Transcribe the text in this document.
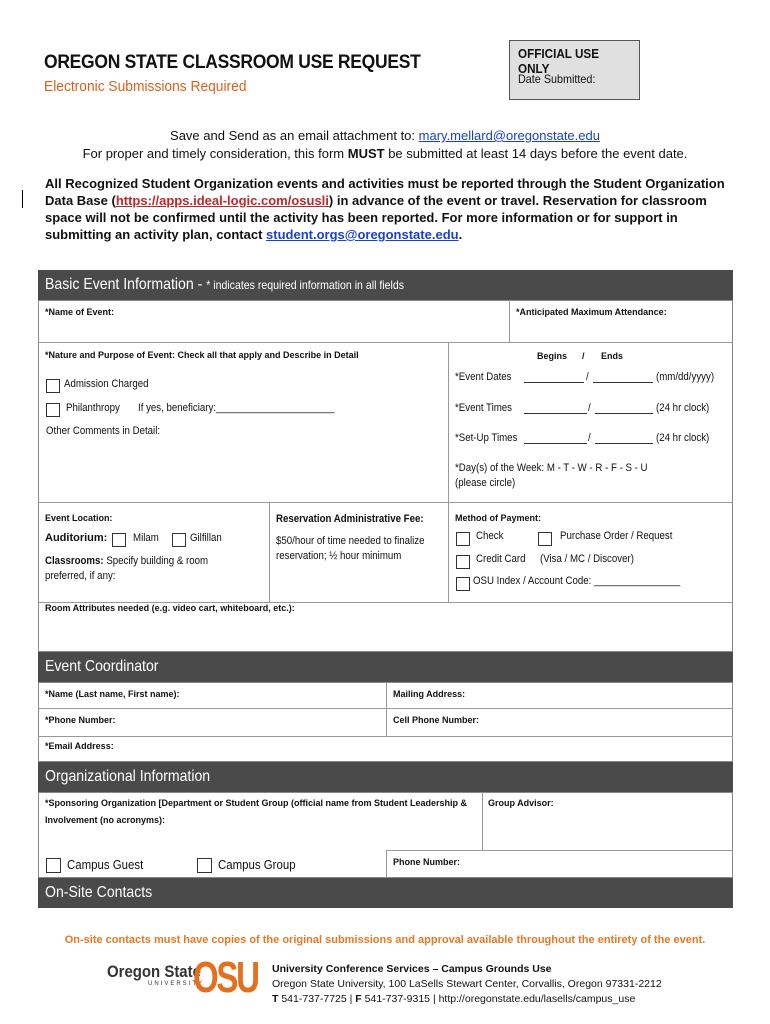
OREGON STATE CLASSROOM USE REQUEST
Electronic Submissions Required
OFFICIAL USE ONLY
Date Submitted:
Save and Send as an email attachment to: mary.mellard@oregonstate.edu
For proper and timely consideration, this form MUST be submitted at least 14 days before the event date.
All Recognized Student Organization events and activities must be reported through the Student Organization Data Base (https://apps.ideal-logic.com/osusli) in advance of the event or travel. Reservation for classroom space will not be confirmed until the activity has been reported. For more information or for support in submitting an activity plan, contact student.orgs@oregonstate.edu.
Basic Event Information - * indicates required information in all fields
*Name of Event:	*Anticipated Maximum Attendance:
*Nature and Purpose of Event: Check all that apply and Describe in Detail	Begins / Ends
Admission Charged
Philanthropy If yes, beneficiary:______________________
Other Comments in Detail:
*Event Dates	/	(mm/dd/yyyy)
*Event Times	/	(24 hr clock)
*Set-Up Times	/	(24 hr clock)
*Day(s) of the Week: M - T - W - R - F - S - U
(please circle)
Event Location:
Auditorium: Milam	Gilfillan
Classrooms: Specify building & room
preferred, if any:
Reservation Administrative Fee:
$50/hour of time needed to finalize
reservation; ½ hour minimum
Method of Payment:
Check	Purchase Order / Request
Credit Card (Visa / MC / Discover)
OSU Index / Account Code: ________________
Room Attributes needed (e.g. video cart, whiteboard, etc.):
Event Coordinator
*Name (Last name, First name):	Mailing Address:
*Phone Number:	Cell Phone Number:
*Email Address:
Organizational Information
*Sponsoring Organization [Department or Student Group (official name from Student Leadership &
Involvement (no acronyms):
Group Advisor:
Campus Guest	Campus Group	Phone Number:
On-Site Contacts
On-site contacts must have copies of the original submissions and approval available throughout the entirety of the event.
Oregon State
UNIVERSITY
OSU University Conference Services – Campus Grounds Use
Oregon State University, 100 LaSells Stewart Center, Corvallis, Oregon 97331-2212
T 541-737-7725 | F 541-737-9315 | http://oregonstate.edu/lasells/campus_use
